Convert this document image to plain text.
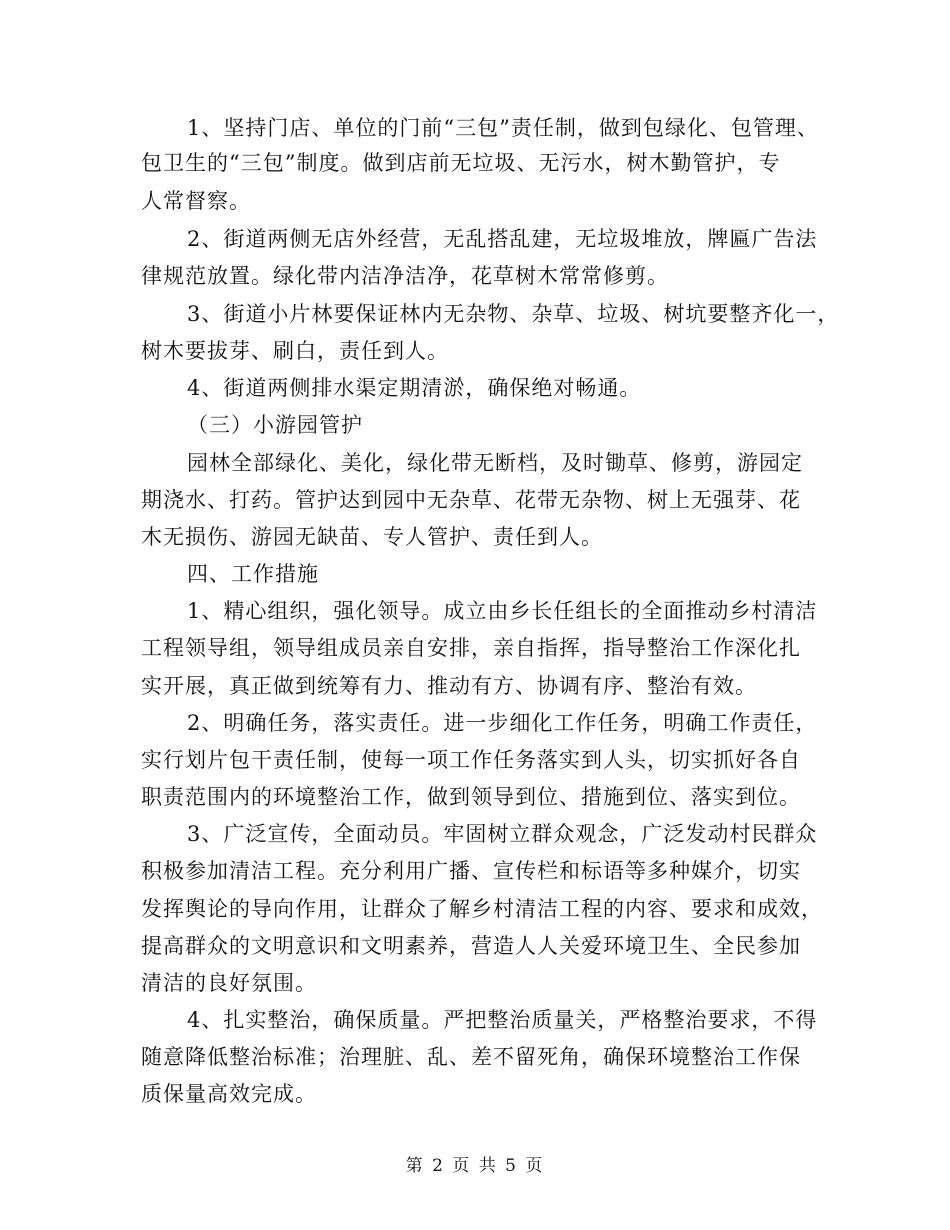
1、坚持门店、单位的门前“三包”责任制，做到包绿化、包管理、
包卫生的“三包”制度。做到店前无垃圾、无污水，树木勤管护，专
人常督察。
2、街道两侧无店外经营，无乱搭乱建，无垃圾堆放，牌匾广告法
律规范放置。绿化带内洁净洁净，花草树木常常修剪。
3、街道小片林要保证林内无杂物、杂草、垃圾、树坑要整齐化一，
树木要拔芽、刷白，责任到人。
4、街道两侧排水渠定期清淤，确保绝对畅通。
（三）小游园管护
园林全部绿化、美化，绿化带无断档，及时锄草、修剪，游园定
期浇水、打药。管护达到园中无杂草、花带无杂物、树上无强芽、花
木无损伤、游园无缺苗、专人管护、责任到人。
四、工作措施
1、精心组织，强化领导。成立由乡长任组长的全面推动乡村清洁
工程领导组，领导组成员亲自安排，亲自指挥，指导整治工作深化扎
实开展，真正做到统筹有力、推动有方、协调有序、整治有效。
2、明确任务，落实责任。进一步细化工作任务，明确工作责任，
实行划片包干责任制，使每一项工作任务落实到人头，切实抓好各自
职责范围内的环境整治工作，做到领导到位、措施到位、落实到位。
3、广泛宣传，全面动员。牢固树立群众观念，广泛发动村民群众
积极参加清洁工程。充分利用广播、宣传栏和标语等多种媒介，切实
发挥舆论的导向作用，让群众了解乡村清洁工程的内容、要求和成效，
提高群众的文明意识和文明素养，营造人人关爱环境卫生、全民参加
清洁的良好氛围。
4、扎实整治，确保质量。严把整治质量关，严格整治要求，不得
随意降低整治标准；治理脏、乱、差不留死角，确保环境整治工作保
质保量高效完成。
第 2 页 共 5 页
